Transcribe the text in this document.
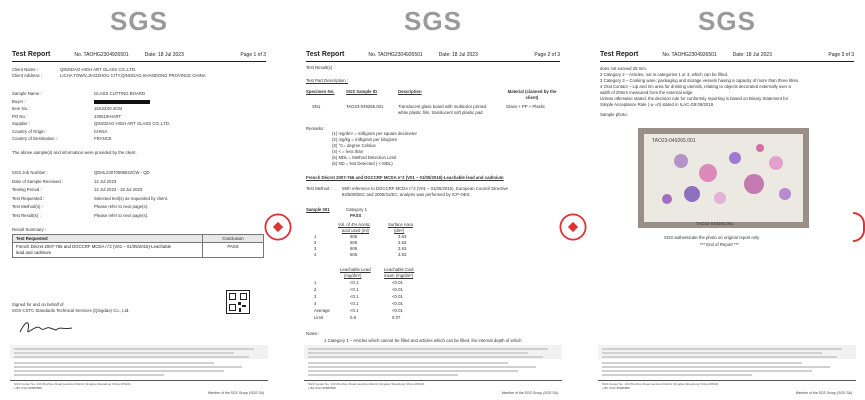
SGS
Test Report	No. TAOHG2304926501	Date: 18 Jul 2023	Page 1 of 3
Client Name :	QINGDAO HIGH ART GLASS CO.,LTD.
Client Address :	LICHA TOWN,JIAOZHOU CITY,QINGDAO,SHANDONG PROVINCE CHINA
Sample Name :	GLASS CUTTING BOARD
Buyer :
Item No. :	16X22X0.4CM
PO No. :	230619HIART
Supplier :	QINGDAO HIGH ART GLASS CO.,LTD.
Country of Origin :	CHINA
Country of Destination :	FRANCE
The above sample(s) and information were provided by the client.
SGS Job Number :	QDHL23070098822CW - QD
Date of Sample Received :	12 Jul 2023
Testing Period :	12 Jul 2023 - 18 Jul 2023
Test Requested :	Selected test(s) as requested by client.
Test Method(s) :	Please refer to next page(s).
Test Result(s) :	Please refer to next page(s).
Result Summary :
Test Requested	Conclusion

French Décret 2007-766 and DGCCRF MCDA n°2 (V01 – 01/05/2016)-Leachable
lead and cadmium	PASS
Signed for and on behalf of
SGS-CSTC Standards Technical Services (Qingdao) Co., Ltd.
SGS Center No. 143 Zhuzhou Road Laoshan District Qingdao Shandong China 266101
t (86–532) 88888888
Member of the SGS Group (SGS SA)
SGS
Test Report	No. TAOHG2304926501	Date: 18 Jul 2023	Page 2 of 3
Test Result(s) :
Test Part Description :
Specimen No.	SGS Sample ID	Description	Material (claimed by the client)
SN1	TAO23-049265.001	Translucent glass board with multicolor printed
white plastic film, translucent soft plastic pad
Glass + PP + Plastic
Remarks :
(1) mg/dm² = milligram per square decimeter
(2) mg/kg = milligram per kilogram
(3) °C= degree Celsius
(4) < = less than
(5) MDL = Method Detection Limit
(6) ND = Not Detected ( < MDL)
French Décret 2007-766 and DGCCRF MCDA n°2 (V01 – 01/05/2016)-Leachable lead and cadmium
Test Method : With reference to DGCCRF MCDA n°2 (V01 – 01/05/2016), European Council Directive
84/500/EEC and 2005/31/EC, analysis was performed by ICP-OES.
Sample 001	Category 1
PASS
Vol. of 4% Acetic
acid used (ml)
Surface Area
(dm²)
1	606	3.63
2	606	3.63
3	606	3.63
4	606	3.63
Leachable Lead
(mg/dm²)
Leachable Cad-
mium (mg/dm²)
1	<0.1	<0.01
2	<0.1	<0.01
3	<0.1	<0.01
4	<0.1	<0.01
Average	<0.1	<0.01
Limit	0.8	0.07
Notes :
1 Category 1 – Articles which cannot be filled and articles which can be filled, the internal depth of which
SGS Center No. 143 Zhuzhou Road Laoshan District Qingdao Shandong China 266101
t (86–532) 88888888
Member of the SGS Group (SGS SA)
SGS
Test Report	No. TAOHG2304926501	Date: 18 Jul 2023	Page 3 of 3
does not exceed 25 mm.
2 Category 2 – Articles, not in categories 1 or 3, which can be filled.
3 Category 3 – Cooking ware; packaging and storage vessels having a capacity of more than three litres.
4 Oral Contact – Lip and rim area for drinking utensils, relating to objects decorated externally over a
width of 20mm measured from the external edge.
Unless otherwise stated, the decision rule for conformity reporting is based on Binary Statement for
Simple Acceptance Rule ( w =0) stated in ILAC-G8:09/2019.
Sample photo:
TAO23-049265.001
TAO23-049265.001
SGS authenticate the photo on original report only
*** End of Report ***
SGS Center No. 143 Zhuzhou Road Laoshan District Qingdao Shandong China 266101
t (86–532) 88888888
Member of the SGS Group (SGS SA)
